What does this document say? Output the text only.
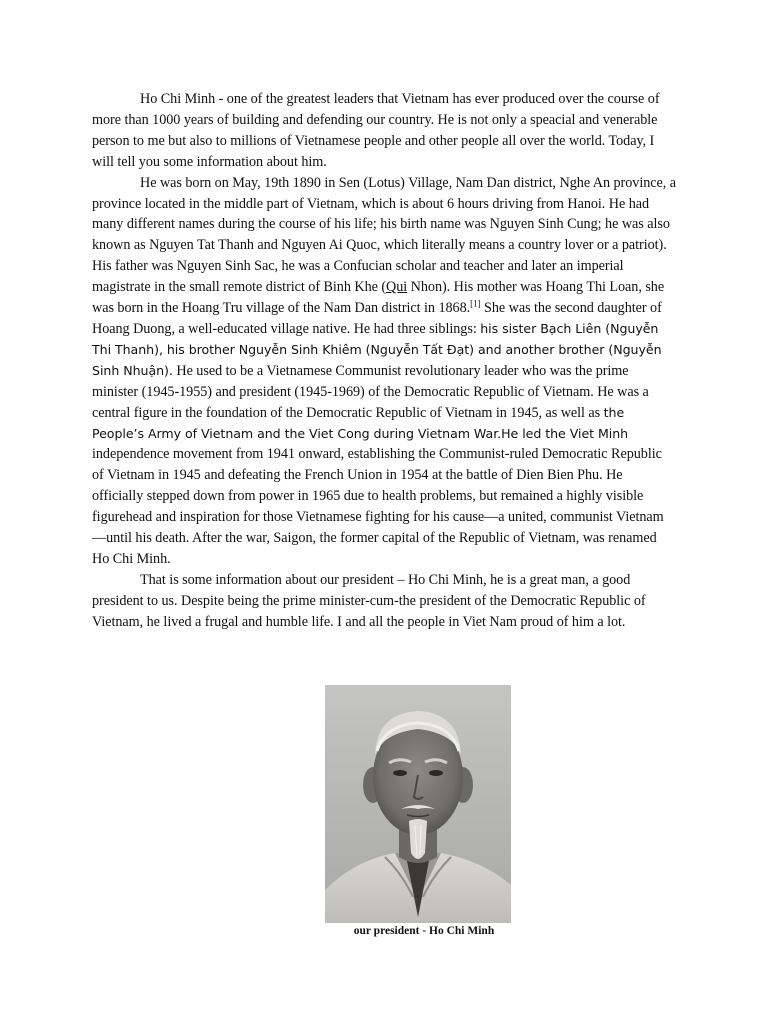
Ho Chi Minh - one of the greatest leaders that Vietnam has ever produced over the course of more than 1000 years of building and defending our country. He is not only a speacial and venerable person to me but also to millions of Vietnamese people and other people all over the world. Today, I will tell you some information about him.

He was born on May, 19th 1890 in Sen (Lotus) Village, Nam Dan district, Nghe An province, a province located in the middle part of Vietnam, which is about 6 hours driving from Hanoi. He had many different names during the course of his life; his birth name was Nguyen Sinh Cung; he was also known as Nguyen Tat Thanh and Nguyen Ai Quoc, which literally means a country lover or a patriot). His father was Nguyen Sinh Sac, he was a Confucian scholar and teacher and later an imperial magistrate in the small remote district of Binh Khe (Qui Nhon). His mother was Hoang Thi Loan, she was born in the Hoang Tru village of the Nam Dan district in 1868.[1] She was the second daughter of Hoang Duong, a well-educated village native. He had three siblings: his sister Bạch Liên (Nguyễn Thi Thanh), his brother Nguyễn Sinh Khiêm (Nguyễn Tất Đạt) and another brother (Nguyễn Sinh Nhuận). He used to be a Vietnamese Communist revolutionary leader who was the prime minister (1945-1955) and president (1945-1969) of the Democratic Republic of Vietnam. He was a central figure in the foundation of the Democratic Republic of Vietnam in 1945, as well as the People’s Army of Vietnam and the Viet Cong during Vietnam War.He led the Viet Minh independence movement from 1941 onward, establishing the Communist-ruled Democratic Republic of Vietnam in 1945 and defeating the French Union in 1954 at the battle of Dien Bien Phu. He officially stepped down from power in 1965 due to health problems, but remained a highly visible figurehead and inspiration for those Vietnamese fighting for his cause—a united, communist Vietnam—until his death. After the war, Saigon, the former capital of the Republic of Vietnam, was renamed Ho Chi Minh.

That is some information about our president – Ho Chi Minh, he is a great man, a good president to us. Despite being the prime minister-cum-the president of the Democratic Republic of Vietnam, he lived a frugal and humble life. I and all the people in Viet Nam proud of him a lot.

our president - Ho Chi Minh
